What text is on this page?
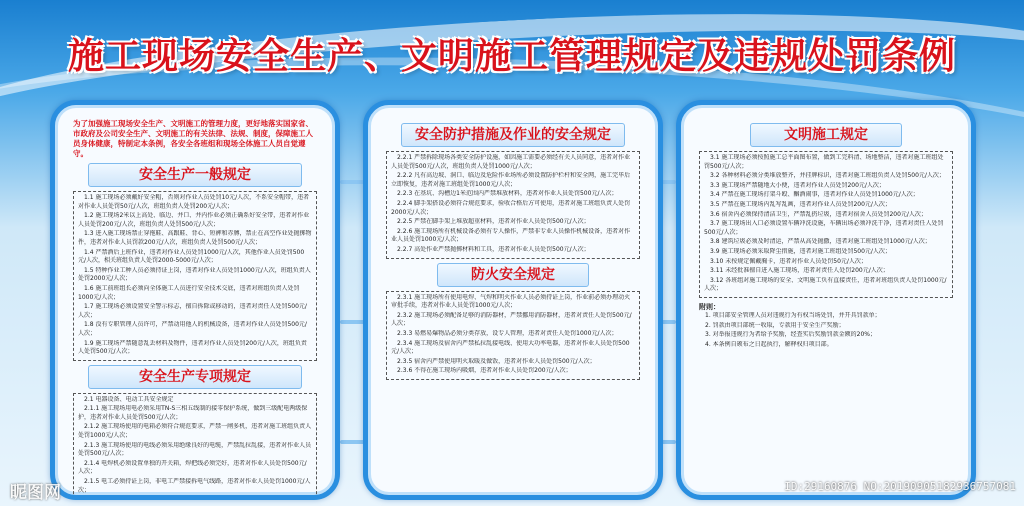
施工现场安全生产、文明施工管理规定及违规处罚条例
为了加强施工现场安全生产、文明施工的管理力度，更好地落实国家省、市政府及公司安全生产、文明施工的有关法律、法规、制度，保障施工人员身体健康，特制定本条例，各安全各班组和现场全体施工人员自觉遵守。
安全生产一般规定
1.1 施工现场必须戴好安全帽，否则对作业人员处罚10元/人次，不系安全帽带，违者对作业人员处罚50元/人次，班组负责人处罚200元/人次；
1.2 施工现场2米以上高处、临边、井口、井内作业必须正确系好安全带，违者对作业人员处罚200元/人次，班组负责人处罚500元/人次；
1.3 进入施工现场禁止穿拖鞋、高跟鞋、背心、短裤和赤膊，禁止在高空作业处抛掷物件，违者对作业人员罚款200元/人次，班组负责人处罚500元/人次；
1.4 严禁酒后上班作业，违者对作业人员处罚1000元/人次，其他作业人员处罚500元/人次，相关班组负责人处罚2000-5000元/人次；
1.5 特种作业工种人员必须持证上岗，违者对作业人员处罚1000元/人次，班组负责人处罚2000元/人次；
1.6 施工前班组长必须向全体施工人员进行安全技术交底，违者对班组负责人处罚1000元/人次；
1.7 施工现场必须设置安全警示标志，擅自拆除或移动的，违者对责任人处罚500元/人次；
1.8 没有专职管理人员许可，严禁动用他人的机械设备，违者对作业人员处罚500元/人次；
1.9 施工现场严禁随意乱丢材料及物件，违者对作业人员处罚200元/人次，班组负责人处罚500元/人次；
安全生产专项规定
2.1 电器设备、电动工具安全规定
2.1.1 施工现场用电必须采用TN-S三相五线制的接零保护系统，做到三级配电两级保护，违者对作业人员处罚500元/人次；
2.1.2 施工现场使用的电箱必须符合规范要求，严禁一闸多机，违者对施工班组负责人处罚1000元/人次；
2.1.3 施工现场使用的电线必须采用绝缘良好的电缆，严禁乱拉乱接，违者对作业人员处罚500元/人次；
2.1.4 电焊机必须设置单独的开关箱，焊把线必须完好，违者对作业人员处罚500元/人次；
2.1.5 电工必须持证上岗，非电工严禁接拆电气线路，违者对作业人员处罚1000元/人次；
安全防护措施及作业的安全规定
2.2.1 严禁拆除现场各类安全防护设施，如因施工需要必须经有关人员同意，违者对作业人员处罚500元/人次，班组负责人处罚1000元/人次；
2.2.2 凡有高边坡、洞口、临边及危险作业场所必须设置防护栏杆和安全网，施工完毕后立即恢复，违者对施工班组处罚1000元/人次；
2.2.3 在基坑、沟槽边1米范围内严禁堆放材料，违者对作业人员处罚500元/人次；
2.2.4 脚手架搭设必须符合规范要求，验收合格后方可使用，违者对施工班组负责人处罚2000元/人次；
2.2.5 严禁在脚手架上堆放超重材料，违者对作业人员处罚500元/人次；
2.2.6 施工现场所有机械设备必须有专人操作，严禁非专业人员操作机械设备，违者对作业人员处罚1000元/人次；
2.2.7 高处作业严禁抛掷材料和工具，违者对作业人员处罚500元/人次；
防火安全规定
2.3.1 施工现场所有使用电焊、气焊和明火作业人员必须持证上岗，作业前必须办理动火审批手续，违者对作业人员处罚1000元/人次；
2.3.2 施工现场必须配备足够的消防器材，严禁挪用消防器材，违者对责任人处罚500元/人次；
2.3.3 易燃易爆物品必须分类存放，设专人管理，违者对责任人处罚1000元/人次；
2.3.4 施工现场及宿舍内严禁私拉乱接电线、使用大功率电器，违者对作业人员处罚500元/人次；
2.3.5 宿舍内严禁使用明火取暖及做饭，违者对作业人员处罚500元/人次；
2.3.6 不得在施工现场内吸烟，违者对作业人员处罚200元/人次；
文明施工规定
3.1 施工现场必须按照施工总平面图布置，做到工完料清、场地整洁，违者对施工班组处罚500元/人次；
3.2 各种材料必须分类堆放整齐，并挂牌标识，违者对施工班组负责人处罚500元/人次；
3.3 施工现场严禁随地大小便，违者对作业人员处罚200元/人次；
3.4 严禁在施工现场打架斗殴、酗酒闹事，违者对作业人员处罚1000元/人次；
3.5 严禁在施工现场内乱写乱画，违者对作业人员处罚200元/人次；
3.6 宿舍内必须保持清洁卫生，严禁乱扔垃圾，违者对宿舍人员处罚200元/人次；
3.7 施工现场出入口必须设置车辆冲洗设施，车辆出场必须冲洗干净，违者对责任人处罚500元/人次；
3.8 建筑垃圾必须及时清运，严禁从高处抛撒，违者对施工班组处罚1000元/人次；
3.9 施工现场必须采取降尘措施，违者对施工班组处罚500元/人次；
3.10 未按规定佩戴胸卡，违者对作业人员处罚50元/人次；
3.11 未经批准擅自进入施工现场，违者对责任人处罚200元/人次；
3.12 各班组对施工现场的安全、文明施工负有直接责任，违者对班组负责人处罚1000元/人次；
附则：
1. 项目部安全管理人员对违规行为有权当场处罚，并开具罚款单；
2. 罚款由项目部统一收取，专款用于安全生产奖励；
3. 对举报违规行为者给予奖励，经查实后奖励罚款金额的20%；
4. 本条例自颁布之日起执行，解释权归项目部。
昵图网	ID:29160876 NO:20190905182936757081
